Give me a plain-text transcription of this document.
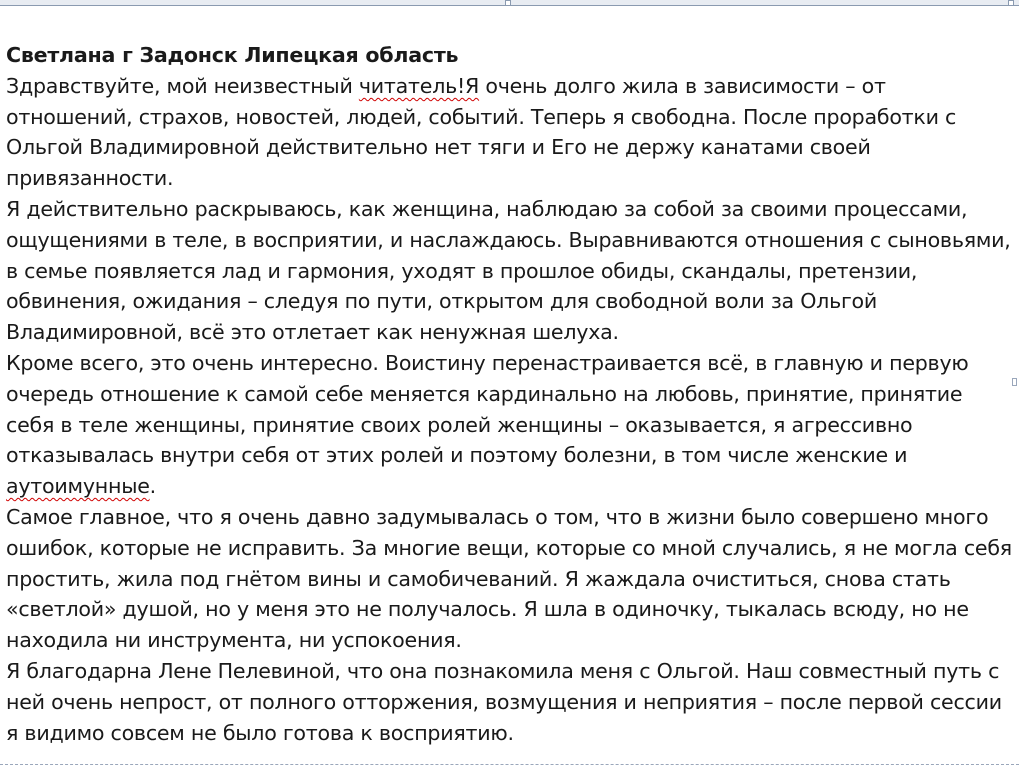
Светлана г Задонск Липецкая область

Здравствуйте, мой неизвестный читатель!Я очень долго жила в зависимости – от отношений, страхов, новостей, людей, событий. Теперь я свободна. После проработки с Ольгой Владимировной действительно нет тяги и Его не держу канатами своей привязанности.

Я действительно раскрываюсь, как женщина, наблюдаю за собой за своими процессами, ощущениями в теле, в восприятии, и наслаждаюсь. Выравниваются отношения с сыновьями, в семье появляется лад и гармония, уходят в прошлое обиды, скандалы, претензии, обвинения, ожидания – следуя по пути, открытом для свободной воли за Ольгой Владимировной, всё это отлетает как ненужная шелуха.

Кроме всего, это очень интересно. Воистину перенастраивается всё, в главную и первую очередь отношение к самой себе меняется кардинально на любовь, принятие, принятие себя в теле женщины, принятие своих ролей женщины – оказывается, я агрессивно отказывалась внутри себя от этих ролей и поэтому болезни, в том числе женские и аутоимунные.

Самое главное, что я очень давно задумывалась о том, что в жизни было совершено много ошибок, которые не исправить. За многие вещи, которые со мной случались, я не могла себя простить, жила под гнётом вины и самобичеваний. Я жаждала очиститься, снова стать «светлой» душой, но у меня это не получалось. Я шла в одиночку, тыкалась всюду, но не находила ни инструмента, ни успокоения.

Я благодарна Лене Пелевиной, что она познакомила меня с Ольгой. Наш совместный путь с ней очень непрост, от полного отторжения, возмущения и неприятия – после первой сессии я видимо совсем не было готова к восприятию.
